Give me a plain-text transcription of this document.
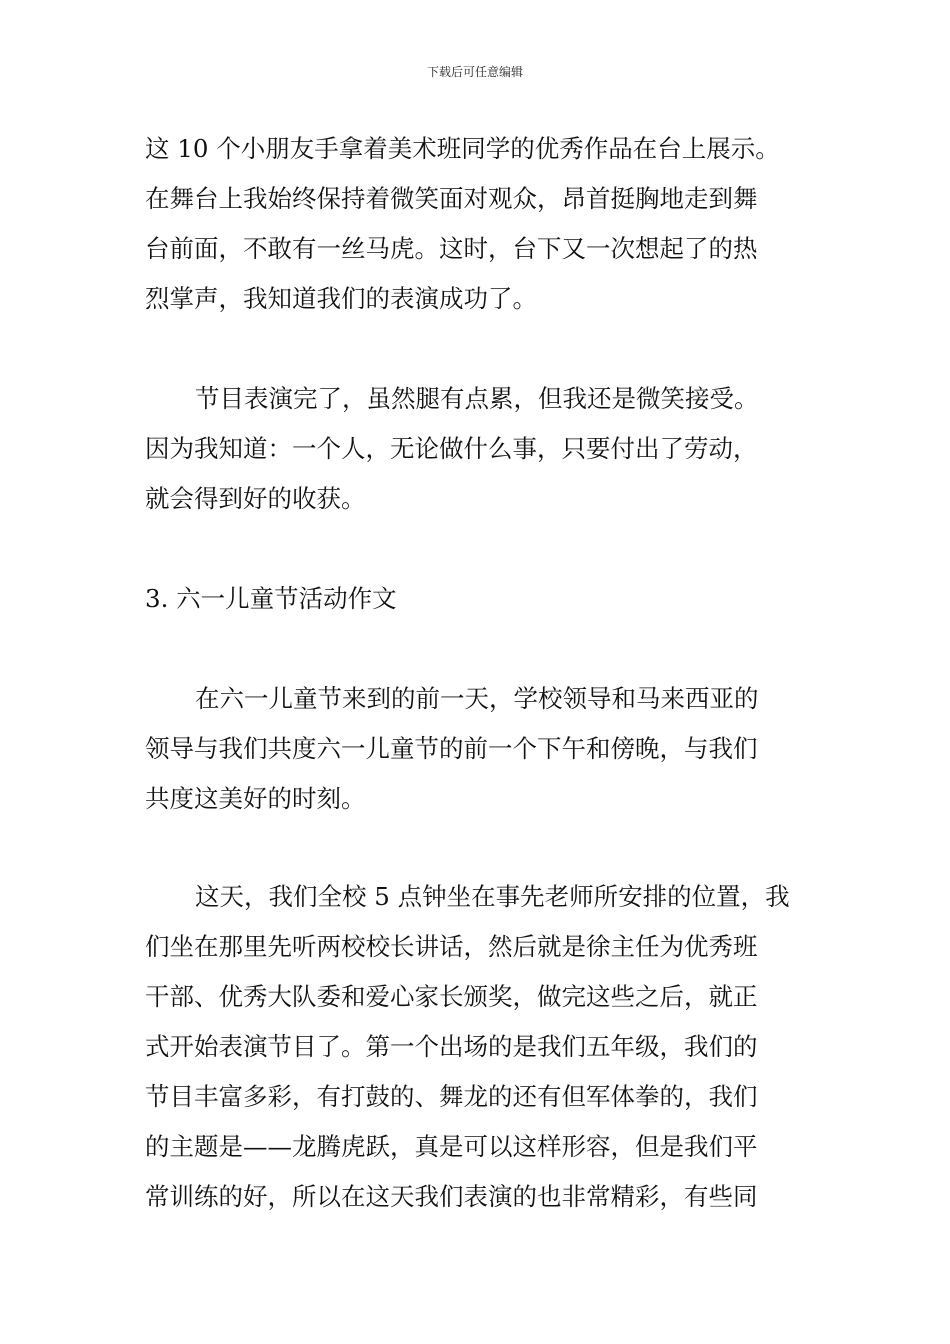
下载后可任意编辑
这 10 个小朋友手拿着美术班同学的优秀作品在台上展示。
在舞台上我始终保持着微笑面对观众，昂首挺胸地走到舞
台前面，不敢有一丝马虎。这时，台下又一次想起了的热
烈掌声，我知道我们的表演成功了。
节目表演完了，虽然腿有点累，但我还是微笑接受。
因为我知道：一个人，无论做什么事，只要付出了劳动，
就会得到好的收获。
3. 六一儿童节活动作文
在六一儿童节来到的前一天，学校领导和马来西亚的
领导与我们共度六一儿童节的前一个下午和傍晚，与我们
共度这美好的时刻。
这天，我们全校 5 点钟坐在事先老师所安排的位置，我
们坐在那里先听两校校长讲话，然后就是徐主任为优秀班
干部、优秀大队委和爱心家长颁奖，做完这些之后，就正
式开始表演节目了。第一个出场的是我们五年级，我们的
节目丰富多彩，有打鼓的、舞龙的还有但军体拳的，我们
的主题是——龙腾虎跃，真是可以这样形容，但是我们平
常训练的好，所以在这天我们表演的也非常精彩，有些同
